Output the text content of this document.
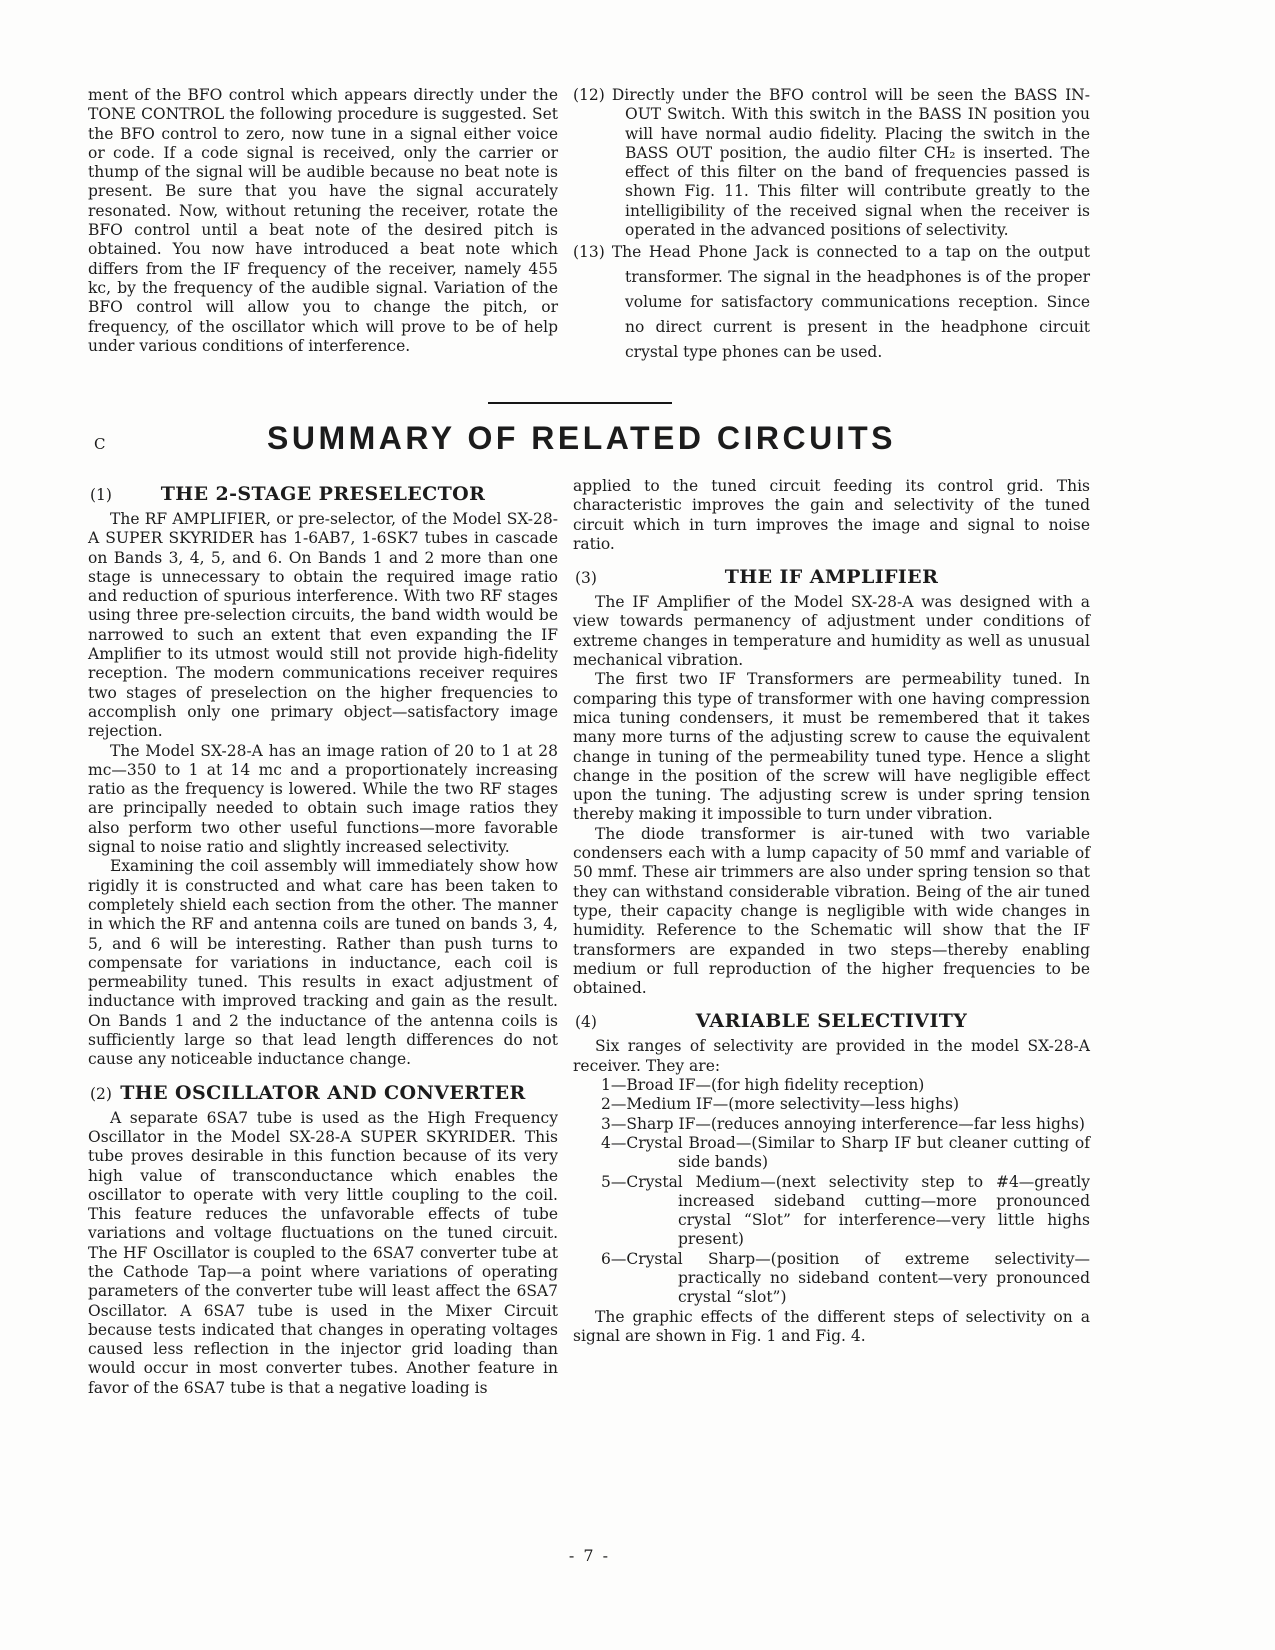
ment of the BFO control which appears directly under the TONE CONTROL the following procedure is suggested. Set the BFO control to zero, now tune in a signal either voice or code. If a code signal is received, only the carrier or thump of the signal will be audible because no beat note is present. Be sure that you have the signal accurately resonated. Now, without retuning the receiver, rotate the BFO control until a beat note of the desired pitch is obtained. You now have introduced a beat note which differs from the IF frequency of the receiver, namely 455 kc, by the frequency of the audible signal. Variation of the BFO control will allow you to change the pitch, or frequency, of the oscillator which will prove to be of help under various conditions of interference.

(12) Directly under the BFO control will be seen the BASS IN-OUT Switch. With this switch in the BASS IN position you will have normal audio fidelity. Placing the switch in the BASS OUT position, the audio filter CH₂ is inserted. The effect of this filter on the band of frequencies passed is shown Fig. 11. This filter will contribute greatly to the intelligibility of the received signal when the receiver is operated in the advanced positions of selectivity.

(13) The Head Phone Jack is connected to a tap on the output transformer. The signal in the headphones is of the proper volume for satisfactory communications reception. Since no direct current is present in the headphone circuit crystal type phones can be used.

C	SUMMARY OF RELATED CIRCUITS
(1)	THE 2-STAGE PRESELECTOR

The RF AMPLIFIER, or pre-selector, of the Model SX-28-A SUPER SKYRIDER has 1-6AB7, 1-6SK7 tubes in cascade on Bands 3, 4, 5, and 6. On Bands 1 and 2 more than one stage is unnecessary to obtain the required image ratio and reduction of spurious interference. With two RF stages using three pre-selection circuits, the band width would be narrowed to such an extent that even expanding the IF Amplifier to its utmost would still not provide high-fidelity reception. The modern communications receiver requires two stages of preselection on the higher frequencies to accomplish only one primary object—satisfactory image rejection.

The Model SX-28-A has an image ration of 20 to 1 at 28 mc—350 to 1 at 14 mc and a proportionately increasing ratio as the frequency is lowered. While the two RF stages are principally needed to obtain such image ratios they also perform two other useful functions—more favorable signal to noise ratio and slightly increased selectivity.

Examining the coil assembly will immediately show how rigidly it is constructed and what care has been taken to completely shield each section from the other. The manner in which the RF and antenna coils are tuned on bands 3, 4, 5, and 6 will be interesting. Rather than push turns to compensate for variations in inductance, each coil is permeability tuned. This results in exact adjustment of inductance with improved tracking and gain as the result. On Bands 1 and 2 the inductance of the antenna coils is sufficiently large so that lead length differences do not cause any noticeable inductance change.

(2) THE OSCILLATOR AND CONVERTER

A separate 6SA7 tube is used as the High Frequency Oscillator in the Model SX-28-A SUPER SKYRIDER. This tube proves desirable in this function because of its very high value of transconductance which enables the oscillator to operate with very little coupling to the coil. This feature reduces the unfavorable effects of tube variations and voltage fluctuations on the tuned circuit. The HF Oscillator is coupled to the 6SA7 converter tube at the Cathode Tap—a point where variations of operating parameters of the converter tube will least affect the 6SA7 Oscillator. A 6SA7 tube is used in the Mixer Circuit because tests indicated that changes in operating voltages caused less reflection in the injector grid loading than would occur in most converter tubes. Another feature in favor of the 6SA7 tube is that a negative loading is

applied to the tuned circuit feeding its control grid. This characteristic improves the gain and selectivity of the tuned circuit which in turn improves the image and signal to noise ratio.

(3)	THE IF AMPLIFIER

The IF Amplifier of the Model SX-28-A was designed with a view towards permanency of adjustment under conditions of extreme changes in temperature and humidity as well as unusual mechanical vibration.

The first two IF Transformers are permeability tuned. In comparing this type of transformer with one having compression mica tuning condensers, it must be remembered that it takes many more turns of the adjusting screw to cause the equivalent change in tuning of the permeability tuned type. Hence a slight change in the position of the screw will have negligible effect upon the tuning. The adjusting screw is under spring tension thereby making it impossible to turn under vibration.

The diode transformer is air-tuned with two variable condensers each with a lump capacity of 50 mmf and variable of 50 mmf. These air trimmers are also under spring tension so that they can withstand considerable vibration. Being of the air tuned type, their capacity change is negligible with wide changes in humidity. Reference to the Schematic will show that the IF transformers are expanded in two steps—thereby enabling medium or full reproduction of the higher frequencies to be obtained.

(4)	VARIABLE SELECTIVITY

Six ranges of selectivity are provided in the model SX-28-A receiver. They are:

1—Broad IF—(for high fidelity reception)
2—Medium IF—(more selectivity—less highs)
3—Sharp IF—(reduces annoying interference—far less highs)
4—Crystal Broad—(Similar to Sharp IF but cleaner cutting of side bands)
5—Crystal Medium—(next selectivity step to #4—greatly increased sideband cutting—more pronounced crystal “Slot” for interference—very little highs present)
6—Crystal Sharp—(position of extreme selectivity—practically no sideband content—very pronounced crystal “slot”)

The graphic effects of the different steps of selectivity on a signal are shown in Fig. 1 and Fig. 4.

- 7 -
